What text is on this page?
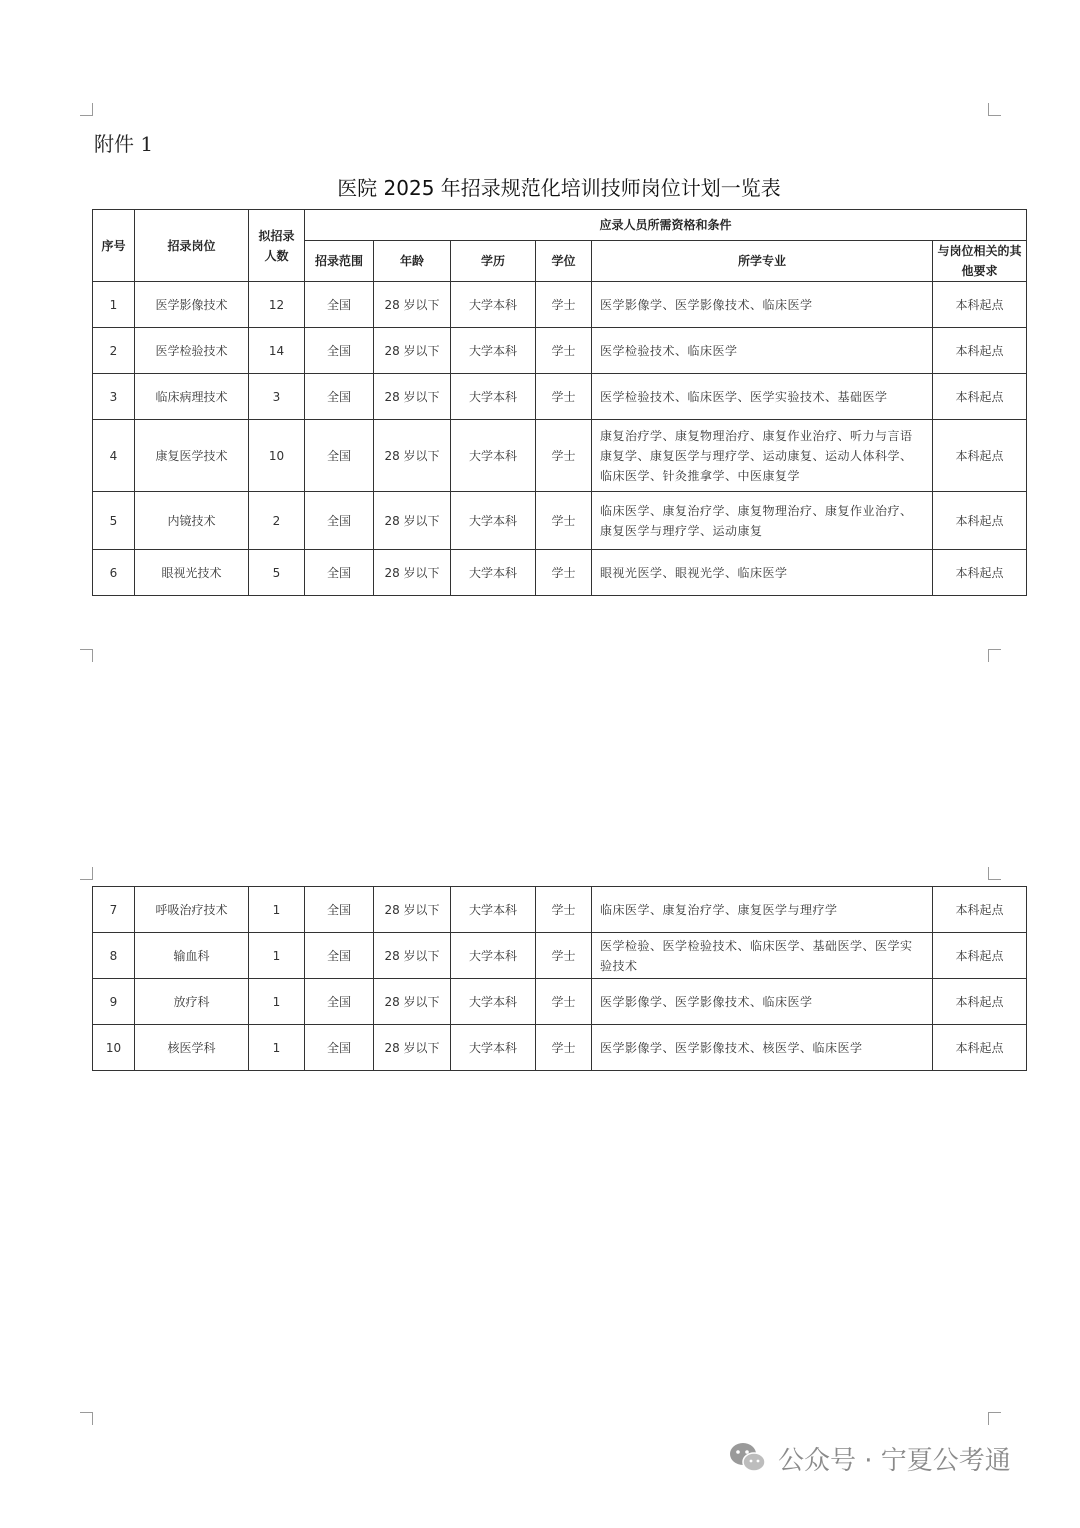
附件 1
医院 2025 年招录规范化培训技师岗位计划一览表
序号	招录岗位	拟招录人数	应录人员所需资格和条件					
			招录范围	年龄	学历	学位	所学专业	与岗位相关的其他要求
1	医学影像技术	12	全国	28 岁以下	大学本科	学士	医学影像学、医学影像技术、临床医学	本科起点
2	医学检验技术	14	全国	28 岁以下	大学本科	学士	医学检验技术、临床医学	本科起点
3	临床病理技术	3	全国	28 岁以下	大学本科	学士	医学检验技术、临床医学、医学实验技术、基础医学	本科起点
4	康复医学技术	10	全国	28 岁以下	大学本科	学士	康复治疗学、康复物理治疗、康复作业治疗、听力与言语康复学、康复医学与理疗学、运动康复、运动人体科学、临床医学、针灸推拿学、中医康复学	本科起点
5	内镜技术	2	全国	28 岁以下	大学本科	学士	临床医学、康复治疗学、康复物理治疗、康复作业治疗、康复医学与理疗学、运动康复	本科起点
6	眼视光技术	5	全国	28 岁以下	大学本科	学士	眼视光医学、眼视光学、临床医学	本科起点
7	呼吸治疗技术	1	全国	28 岁以下	大学本科	学士	临床医学、康复治疗学、康复医学与理疗学	本科起点
8	输血科	1	全国	28 岁以下	大学本科	学士	医学检验、医学检验技术、临床医学、基础医学、医学实验技术	本科起点
9	放疗科	1	全国	28 岁以下	大学本科	学士	医学影像学、医学影像技术、临床医学	本科起点
10	核医学科	1	全国	28 岁以下	大学本科	学士	医学影像学、医学影像技术、核医学、临床医学	本科起点
公众号 · 宁夏公考通
